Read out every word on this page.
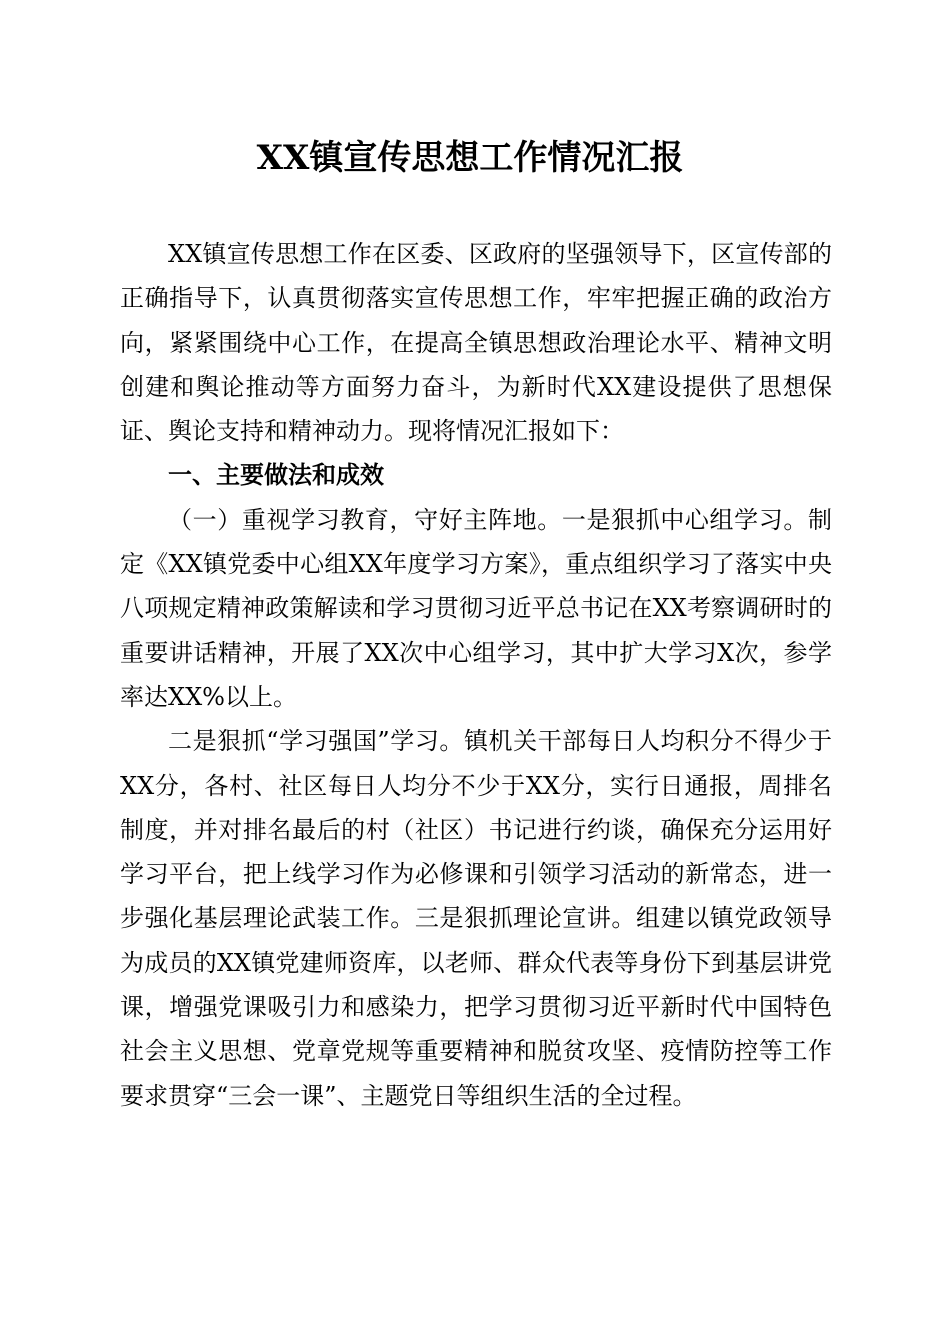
XX镇宣传思想工作情况汇报

XX镇宣传思想工作在区委、区政府的坚强领导下，区宣传部的正确指导下，认真贯彻落实宣传思想工作，牢牢把握正确的政治方向，紧紧围绕中心工作，在提高全镇思想政治理论水平、精神文明创建和舆论推动等方面努力奋斗，为新时代XX建设提供了思想保证、舆论支持和精神动力。现将情况汇报如下：

一、主要做法和成效

（一）重视学习教育，守好主阵地。一是狠抓中心组学习。制定《XX镇党委中心组XX年度学习方案》，重点组织学习了落实中央八项规定精神政策解读和学习贯彻习近平总书记在XX考察调研时的重要讲话精神，开展了XX次中心组学习，其中扩大学习X次，参学率达XX%以上。

二是狠抓“学习强国”学习。镇机关干部每日人均积分不得少于XX分，各村、社区每日人均分不少于XX分，实行日通报，周排名制度，并对排名最后的村（社区）书记进行约谈，确保充分运用好学习平台，把上线学习作为必修课和引领学习活动的新常态，进一步强化基层理论武装工作。三是狠抓理论宣讲。组建以镇党政领导为成员的XX镇党建师资库，以老师、群众代表等身份下到基层讲党课，增强党课吸引力和感染力，把学习贯彻习近平新时代中国特色社会主义思想、党章党规等重要精神和脱贫攻坚、疫情防控等工作要求贯穿“三会一课”、主题党日等组织生活的全过程。
